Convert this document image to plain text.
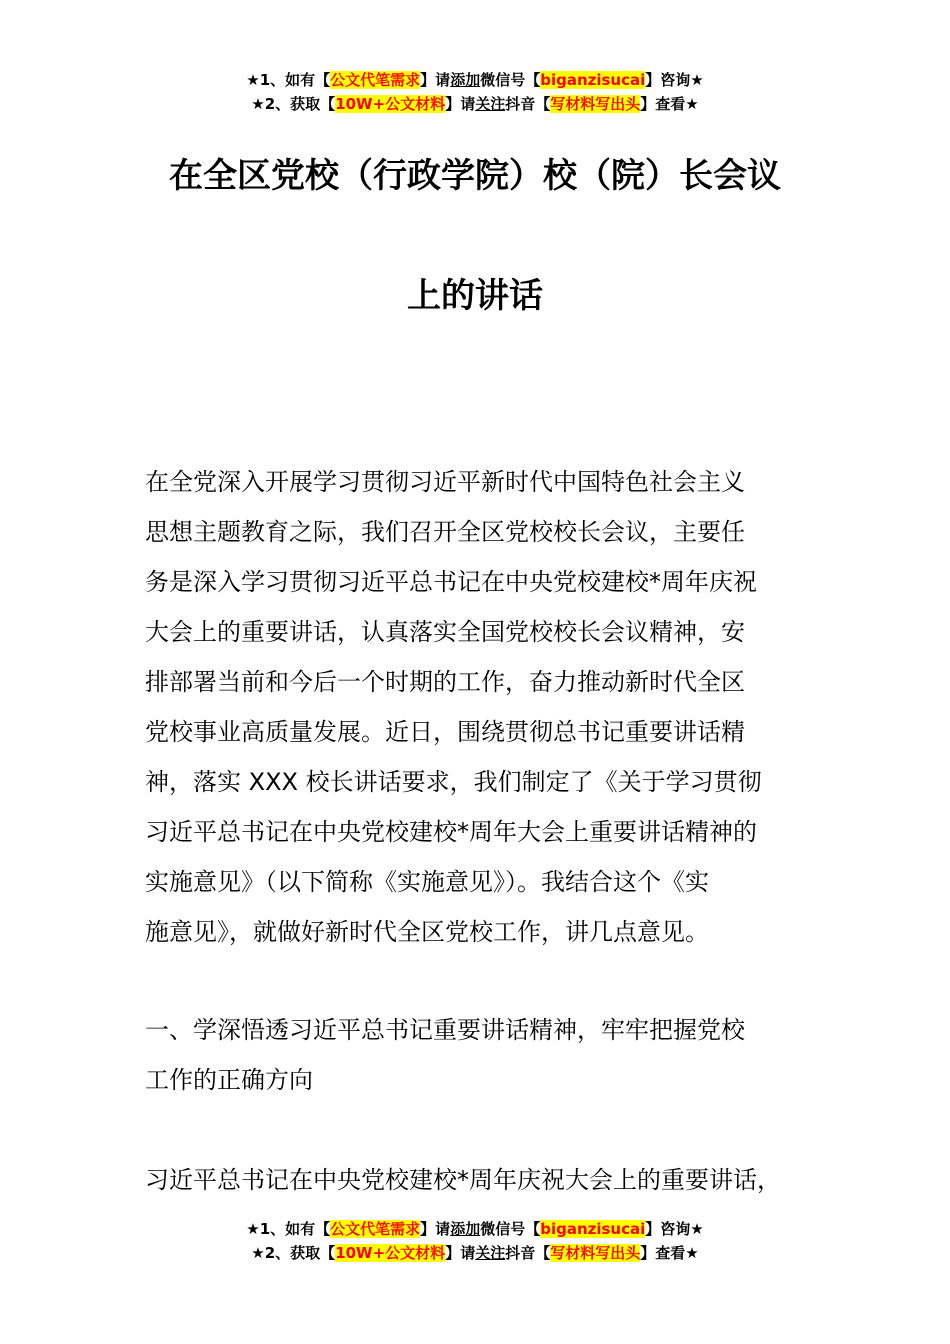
★1、如有【公文代笔需求】请添加微信号【biganzisucai】咨询★
★2、获取【10W+公文材料】请关注抖音【写材料写出头】查看★
在全区党校（行政学院）校（院）长会议
上的讲话
在全党深入开展学习贯彻习近平新时代中国特色社会主义
思想主题教育之际，我们召开全区党校校长会议，主要任
务是深入学习贯彻习近平总书记在中央党校建校*周年庆祝
大会上的重要讲话，认真落实全国党校校长会议精神，安
排部署当前和今后一个时期的工作，奋力推动新时代全区
党校事业高质量发展。近日，围绕贯彻总书记重要讲话精
神，落实 XXX 校长讲话要求，我们制定了《关于学习贯彻
习近平总书记在中央党校建校*周年大会上重要讲话精神的
实施意见》（以下简称《实施意见》）。我结合这个《实
施意见》，就做好新时代全区党校工作，讲几点意见。
一、学深悟透习近平总书记重要讲话精神，牢牢把握党校
工作的正确方向
习近平总书记在中央党校建校*周年庆祝大会上的重要讲话，
★1、如有【公文代笔需求】请添加微信号【biganzisucai】咨询★
★2、获取【10W+公文材料】请关注抖音【写材料写出头】查看★
